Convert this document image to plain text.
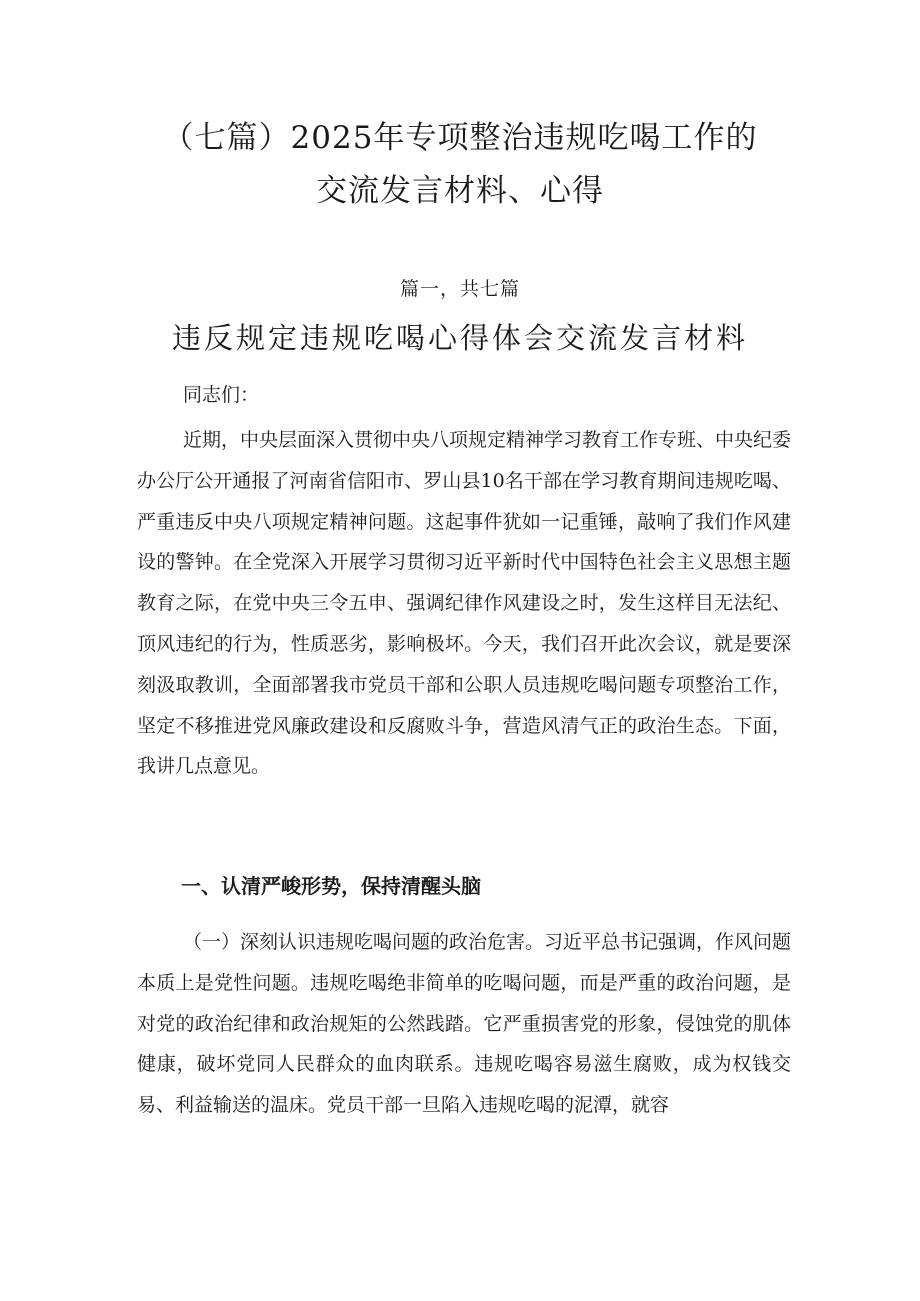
（七篇）2025年专项整治违规吃喝工作的
交流发言材料、心得
篇一，共七篇
违反规定违规吃喝心得体会交流发言材料
同志们：

近期，中央层面深入贯彻中央八项规定精神学习教育工作专班、中央纪委办公厅公开通报了河南省信阳市、罗山县10名干部在学习教育期间违规吃喝、严重违反中央八项规定精神问题。这起事件犹如一记重锤，敲响了我们作风建设的警钟。在全党深入开展学习贯彻习近平新时代中国特色社会主义思想主题教育之际，在党中央三令五申、强调纪律作风建设之时，发生这样目无法纪、顶风违纪的行为，性质恶劣，影响极坏。今天，我们召开此次会议，就是要深刻汲取教训，全面部署我市党员干部和公职人员违规吃喝问题专项整治工作，坚定不移推进党风廉政建设和反腐败斗争，营造风清气正的政治生态。下面，我讲几点意见。

一、认清严峻形势，保持清醒头脑

（一）深刻认识违规吃喝问题的政治危害。习近平总书记强调，作风问题本质上是党性问题。违规吃喝绝非简单的吃喝问题，而是严重的政治问题，是对党的政治纪律和政治规矩的公然践踏。它严重损害党的形象，侵蚀党的肌体健康，破坏党同人民群众的血肉联系。违规吃喝容易滋生腐败，成为权钱交易、利益输送的温床。党员干部一旦陷入违规吃喝的泥潭，就容
